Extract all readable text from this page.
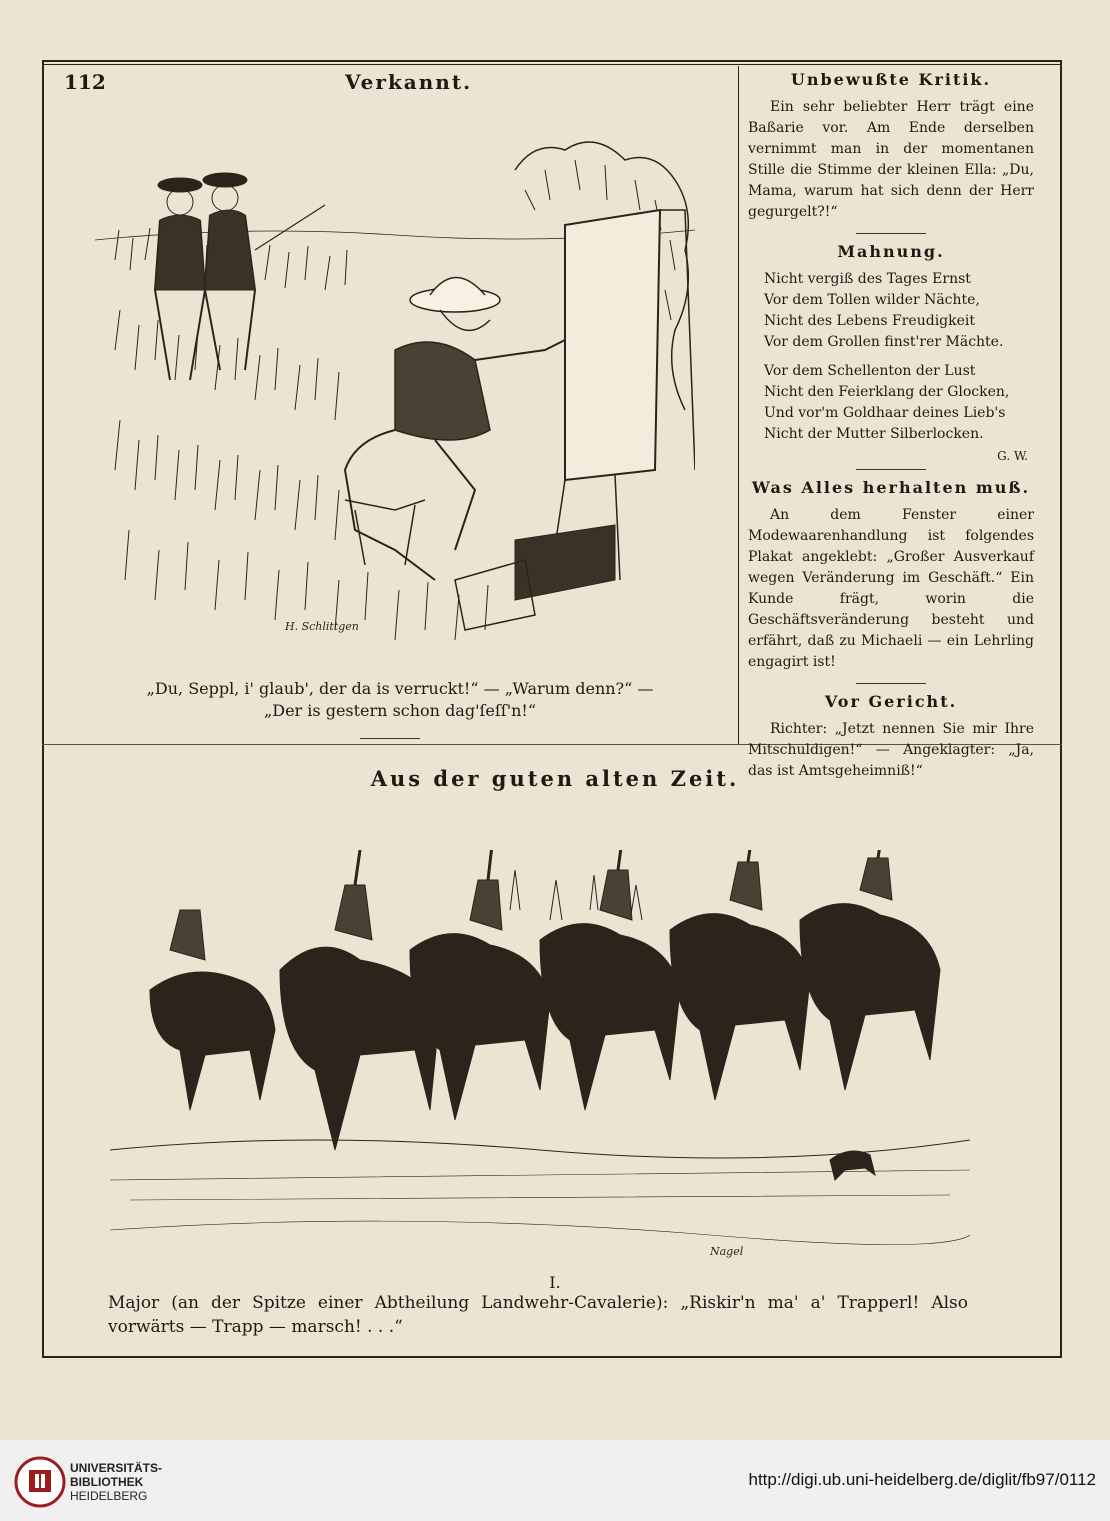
112	Verkannt.
H. Schlittgen
„Du, Seppl, i' glaub', der da is verruckt!“ — „Warum denn?“ —
„Der is gestern schon dag'ſeſſ'n!“
Unbewußte Kritik.

Ein sehr beliebter Herr trägt eine Baßarie vor. Am Ende derselben vernimmt man in der momentanen Stille die Stimme der kleinen Ella: „Du, Mama, warum hat sich denn der Herr gegurgelt?!“

Mahnung.
Nicht vergiß des Tages Ernst
Vor dem Tollen wilder Nächte,
Nicht des Lebens Freudigkeit
Vor dem Grollen finst'rer Mächte.
Vor dem Schellenton der Lust
Nicht den Feierklang der Glocken,
Und vor'm Goldhaar deines Lieb's
Nicht der Mutter Silberlocken.
G. W.
Was Alles herhalten muß.

An dem Fenster einer Modewaarenhandlung ist folgendes Plakat angeklebt: „Großer Ausverkauf wegen Veränderung im Geschäft.“ Ein Kunde frägt, worin die Geschäftsveränderung besteht und erfährt, daß zu Michaeli — ein Lehrling engagirt ist!

Vor Gericht.

Richter: „Jetzt nennen Sie mir Ihre Mitschuldigen!“ — Angeklagter: „Ja, das ist Amtsgeheimniß!“

Aus der guten alten Zeit.
Nagel
I.
Major (an der Spitze einer Abtheilung Landwehr-Cavalerie): „Riskir'n ma' a' Trapperl! Also vorwärts — Trapp — marsch! . . .“
UNIVERSITÄTS-
BIBLIOTHEK
HEIDELBERG
http://digi.ub.uni-heidelberg.de/diglit/fb97/0112
